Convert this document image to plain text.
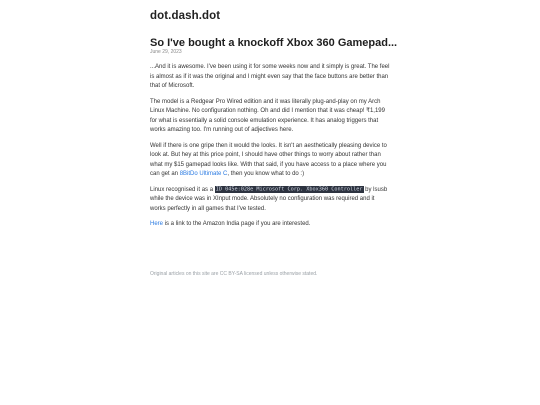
dot.dash.dot
So I've bought a knockoff Xbox 360 Gamepad...
June 29, 2023

...And it is awesome. I've been using it for some weeks now and it simply is great. The feel is almost as if it was the original and I might even say that the face buttons are better than that of Microsoft.

The model is a Redgear Pro Wired edition and it was literally plug-and-play on my Arch Linux Machine. No configuration nothing. Oh and did I mention that it was cheap! ₹1,199 for what is essentially a solid console emulation experience. It has analog triggers that works amazing too. I'm running out of adjectives here.

Well if there is one gripe then it would the looks. It isn't an aesthetically pleasing device to look at. But hey at this price point, I should have other things to worry about rather than what my $15 gamepad looks like. With that said, if you have access to a place where you can get an 8BitDo Ultimate C, then you know what to do :)

Linux recognised it as a ID 045e:028e Microsoft Corp. Xbox360 Controller by lsusb while the device was in XInput mode. Absolutely no configuration was required and it works perfectly in all games that I've tested.

Here is a link to the Amazon India page if you are interested.

Original articles on this site are CC BY-SA licensed unless otherwise stated.
